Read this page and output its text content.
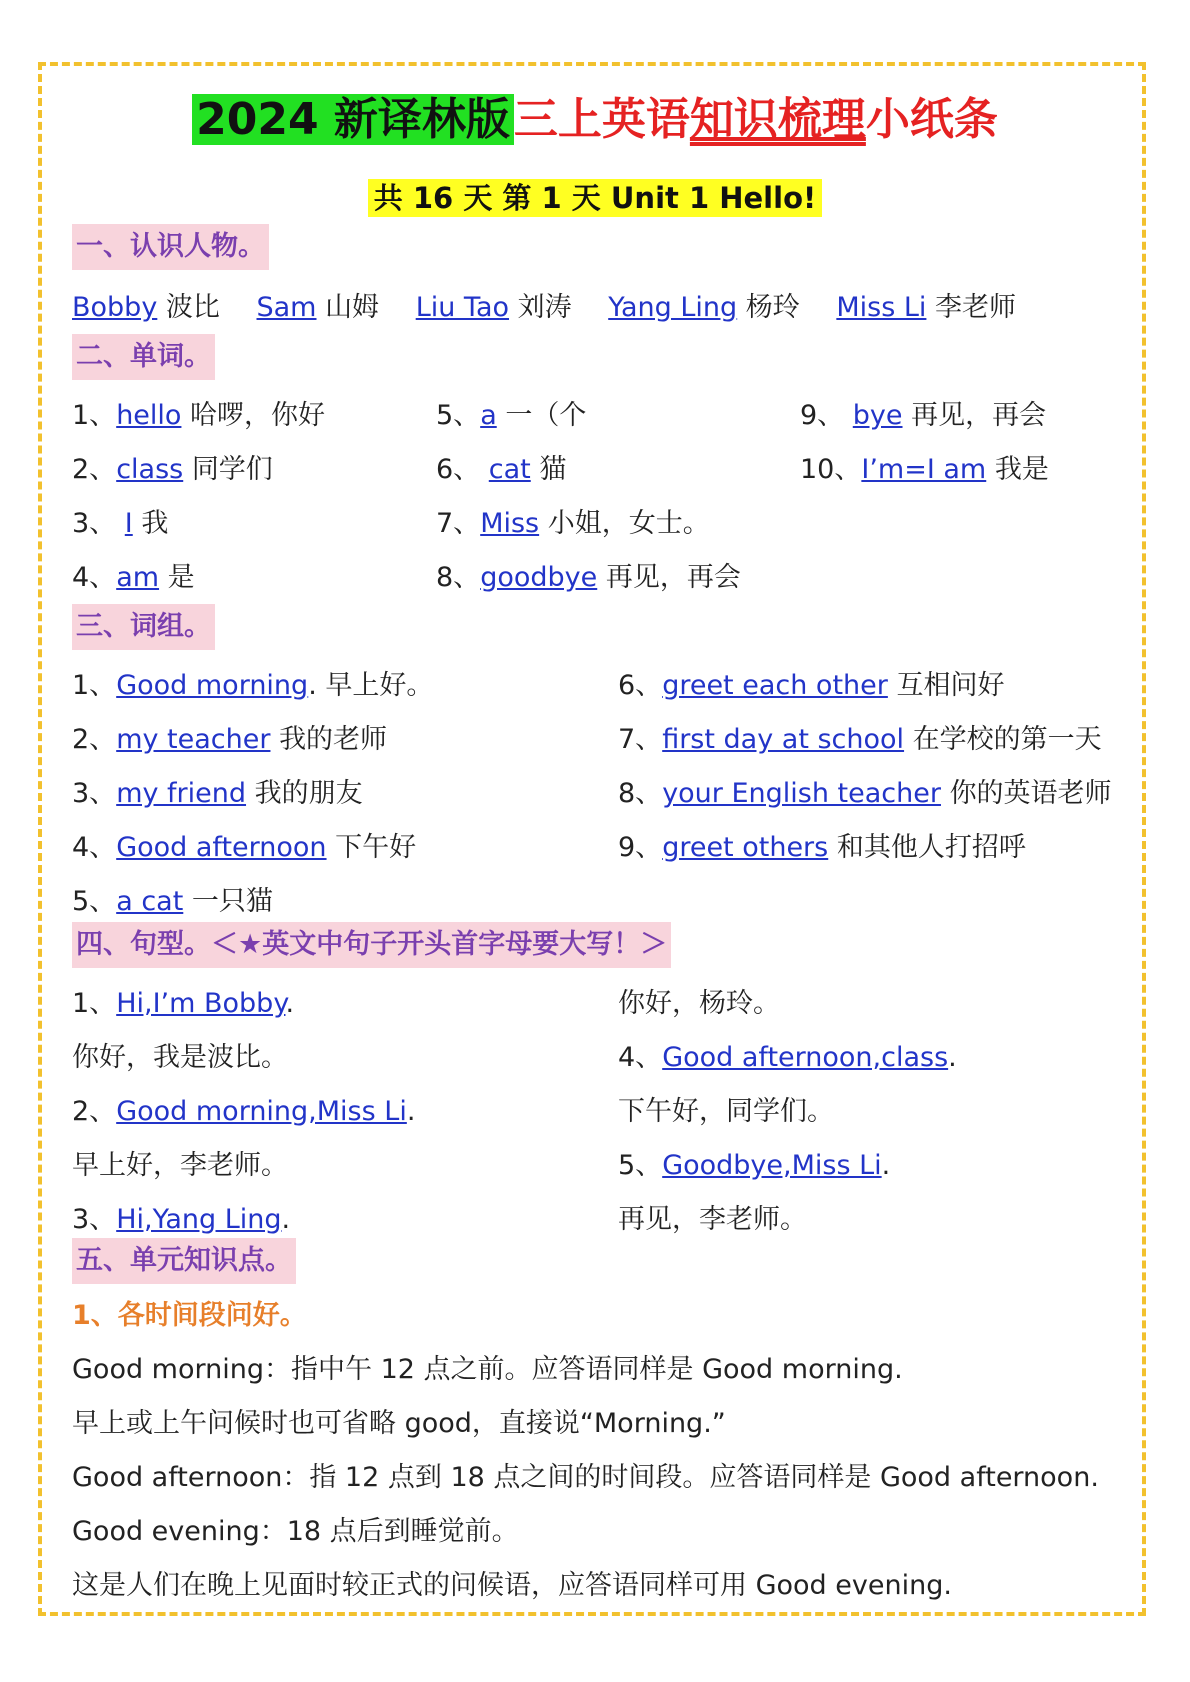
2024 新译林版三上英语知识梳理小纸条
共 16 天 第 1 天 Unit 1 Hello!
一、认识人物。
Bobby 波比 Sam 山姆 Liu Tao 刘涛 Yang Ling 杨玲 Miss Li 李老师
二、单词。
1、hello 哈啰，你好
2、class 同学们
3、 I 我
4、am 是
5、a 一（个
6、 cat 猫
7、Miss 小姐，女士。
8、goodbye 再见，再会
9、 bye 再见，再会
10、I’m=I am 我是
三、词组。
1、Good morning. 早上好。
2、my teacher 我的老师
3、my friend 我的朋友
4、Good afternoon 下午好
5、a cat 一只猫
6、greet each other 互相问好
7、first day at school 在学校的第一天
8、your English teacher 你的英语老师
9、greet others 和其他人打招呼
四、句型。＜★英文中句子开头首字母要大写！＞
1、Hi,I’m Bobby.
你好，我是波比。
2、Good morning,Miss Li.
早上好，李老师。
3、Hi,Yang Ling.
你好，杨玲。
4、Good afternoon,class.
下午好，同学们。
5、Goodbye,Miss Li.
再见，李老师。
五、单元知识点。
1、各时间段问好。
Good morning：指中午 12 点之前。应答语同样是 Good morning.
早上或上午问候时也可省略 good，直接说“Morning.”
Good afternoon：指 12 点到 18 点之间的时间段。应答语同样是 Good afternoon.
Good evening：18 点后到睡觉前。
这是人们在晚上见面时较正式的问候语，应答语同样可用 Good evening.
